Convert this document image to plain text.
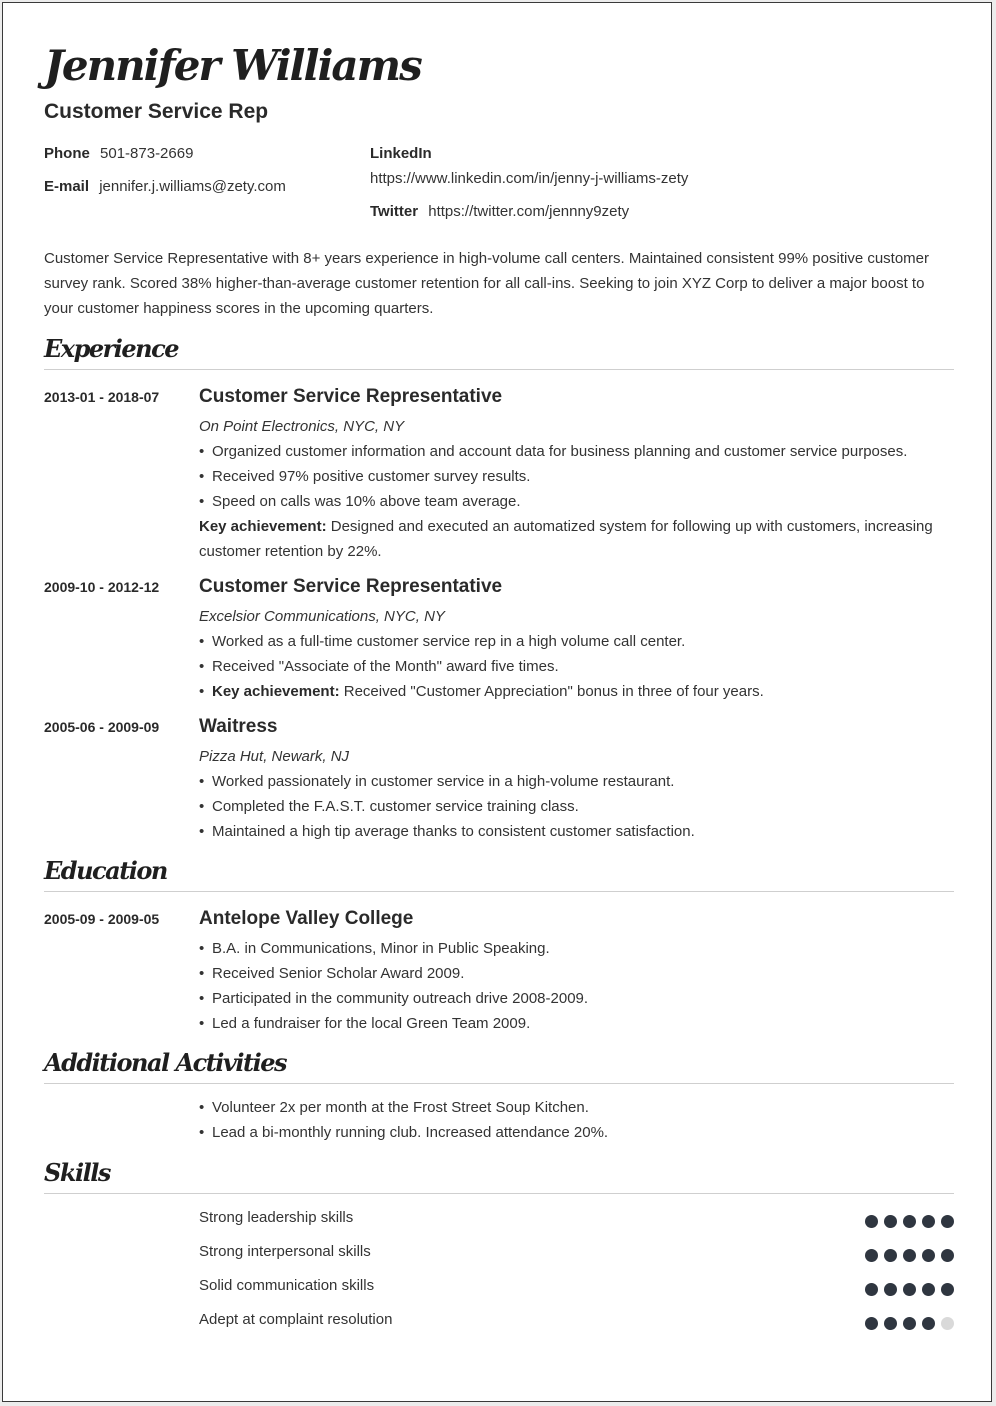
Jennifer Williams
Customer Service Rep
Phone 501-873-2669
E-mail jennifer.j.williams@zety.com
LinkedIn
https://www.linkedin.com/in/jenny-j-williams-zety
Twitter https://twitter.com/jennny9zety
Customer Service Representative with 8+ years experience in high-volume call centers. Maintained consistent 99% positive customer survey rank. Scored 38% higher-than-average customer retention for all call-ins. Seeking to join XYZ Corp to deliver a major boost to your customer happiness scores in the upcoming quarters.
Experience
2013-01 - 2018-07 Customer Service Representative
On Point Electronics, NYC, NY
• Organized customer information and account data for business planning and customer service purposes.
• Received 97% positive customer survey results.
• Speed on calls was 10% above team average.
Key achievement: Designed and executed an automatized system for following up with customers, increasing customer retention by 22%.
2009-10 - 2012-12 Customer Service Representative
Excelsior Communications, NYC, NY
• Worked as a full-time customer service rep in a high volume call center.
• Received "Associate of the Month" award five times.
• Key achievement: Received "Customer Appreciation" bonus in three of four years.
2005-06 - 2009-09 Waitress
Pizza Hut, Newark, NJ
• Worked passionately in customer service in a high-volume restaurant.
• Completed the F.A.S.T. customer service training class.
• Maintained a high tip average thanks to consistent customer satisfaction.
Education
2005-09 - 2009-05 Antelope Valley College
• B.A. in Communications, Minor in Public Speaking.
• Received Senior Scholar Award 2009.
• Participated in the community outreach drive 2008-2009.
• Led a fundraiser for the local Green Team 2009.
Additional Activities
• Volunteer 2x per month at the Frost Street Soup Kitchen.
• Lead a bi-monthly running club. Increased attendance 20%.
Skills
Strong leadership skills
Strong interpersonal skills
Solid communication skills
Adept at complaint resolution
